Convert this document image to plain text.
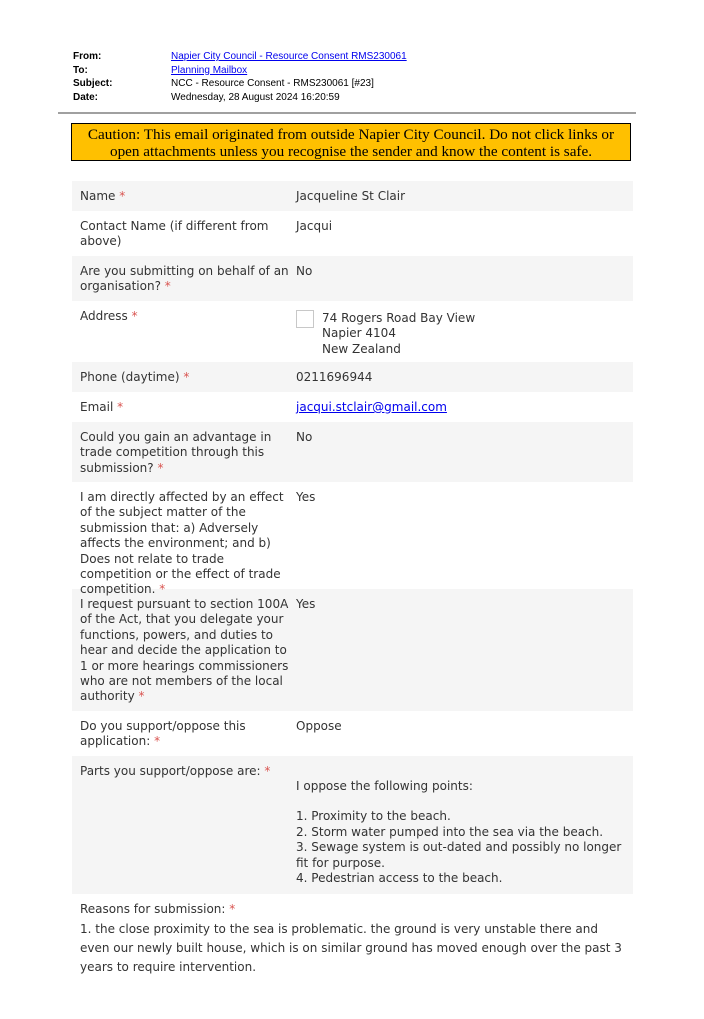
From:	Napier City Council - Resource Consent RMS230061
To:	Planning Mailbox
Subject:	NCC - Resource Consent - RMS230061 [#23]
Date:	Wednesday, 28 August 2024 16:20:59
Caution: This email originated from outside Napier City Council. Do not click links or
open attachments unless you recognise the sender and know the content is safe.
Name *	Jacqueline St Clair
Contact Name (if different from above)
Jacqui
Are you submitting on behalf of an organisation? *
No
Address *	74 Rogers Road Bay View
Napier 4104
New Zealand
Phone (daytime) *	0211696944
Email *	jacqui.stclair@gmail.com
Could you gain an advantage in trade competition through this submission? *
No
I am directly affected by an effect of the subject matter of the submission that: a) Adversely affects the environment; and b) Does not relate to trade competition or the effect of trade competition. *
Yes
I request pursuant to section 100A of the Act, that you delegate your functions, powers, and duties to hear and decide the application to 1 or more hearings commissioners who are not members of the local authority *
Yes
Do you support/oppose this application: *
Oppose
Parts you support/oppose are: *
I oppose the following points:
1. Proximity to the beach.
2. Storm water pumped into the sea via the beach.
3. Sewage system is out-dated and possibly no longer fit for purpose.
4. Pedestrian access to the beach.
Reasons for submission: *
1. the close proximity to the sea is problematic. the ground is very unstable there and even our newly built house, which is on similar ground has moved enough over the past 3 years to require intervention.
